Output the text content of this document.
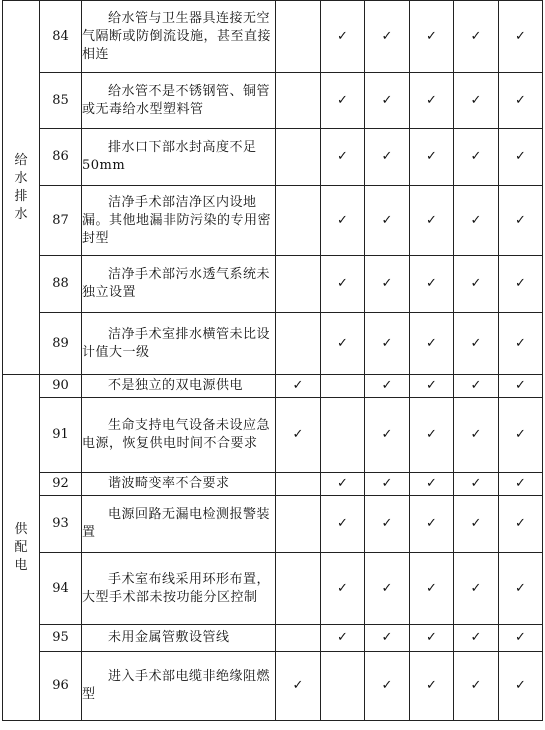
给
水
排
水	84	给水管与卫生器具连接无空气隔断或防倒流设施，甚至直接相连		✓	✓	✓	✓	✓
	85	给水管不是不锈钢管、铜管或无毒给水型塑料管		✓	✓	✓	✓	✓
	86	排水口下部水封高度不足 50mm		✓	✓	✓	✓	✓
	87	洁净手术部洁净区内设地漏。其他地漏非防污染的专用密封型		✓	✓	✓	✓	✓
	88	洁净手术部污水透气系统未独立设置		✓	✓	✓	✓	✓
	89	洁净手术室排水横管未比设计值大一级		✓	✓	✓	✓	✓

供
配
电	90	不是独立的双电源供电	✓		✓	✓	✓	✓
	91	生命支持电气设备未设应急电源，恢复供电时间不合要求	✓		✓	✓	✓	✓
	92	谐波畸变率不合要求		✓	✓	✓	✓	✓
	93	电源回路无漏电检测报警装置		✓	✓	✓	✓	✓
	94	手术室布线采用环形布置，大型手术部未按功能分区控制		✓	✓	✓	✓	✓
	95	未用金属管敷设管线		✓	✓	✓	✓	✓
	96	进入手术部电缆非绝缘阻燃型	✓		✓	✓	✓	✓
